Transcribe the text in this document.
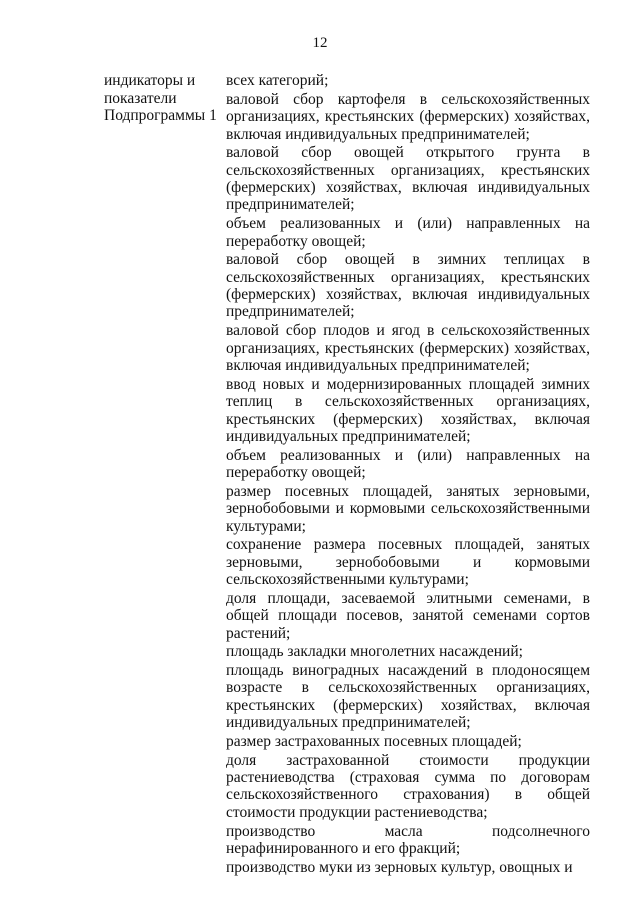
12
индикаторы и
показатели
Подпрограммы 1
всех категорий;
валовой сбор картофеля в сельскохозяйственных организациях, крестьянских (фермерских) хозяйствах, включая индивидуальных предпринимателей;
валовой сбор овощей открытого грунта в сельскохозяйственных организациях, крестьянских (фермерских) хозяйствах, включая индивидуальных предпринимателей;
объем реализованных и (или) направленных на переработку овощей;
валовой сбор овощей в зимних теплицах в сельскохозяйственных организациях, крестьянских (фермерских) хозяйствах, включая индивидуальных предпринимателей;
валовой сбор плодов и ягод в сельскохозяйственных организациях, крестьянских (фермерских) хозяйствах, включая индивидуальных предпринимателей;
ввод новых и модернизированных площадей зимних теплиц в сельскохозяйственных организациях, крестьянских (фермерских) хозяйствах, включая индивидуальных предпринимателей;
объем реализованных и (или) направленных на переработку овощей;
размер посевных площадей, занятых зерновыми, зернобобовыми и кормовыми сельскохозяйственными культурами;
сохранение размера посевных площадей, занятых зерновыми, зернобобовыми и кормовыми сельскохозяйственными культурами;
доля площади, засеваемой элитными семенами, в общей площади посевов, занятой семенами сортов растений;
площадь закладки многолетних насаждений;
площадь виноградных насаждений в плодоносящем возрасте в сельскохозяйственных организациях, крестьянских (фермерских) хозяйствах, включая индивидуальных предпринимателей;
размер застрахованных посевных площадей;
доля застрахованной стоимости продукции растениеводства (страховая сумма по договорам сельскохозяйственного страхования) в общей стоимости продукции растениеводства;
производство масла подсолнечного нерафинированного и его фракций;
производство муки из зерновых культур, овощных и
